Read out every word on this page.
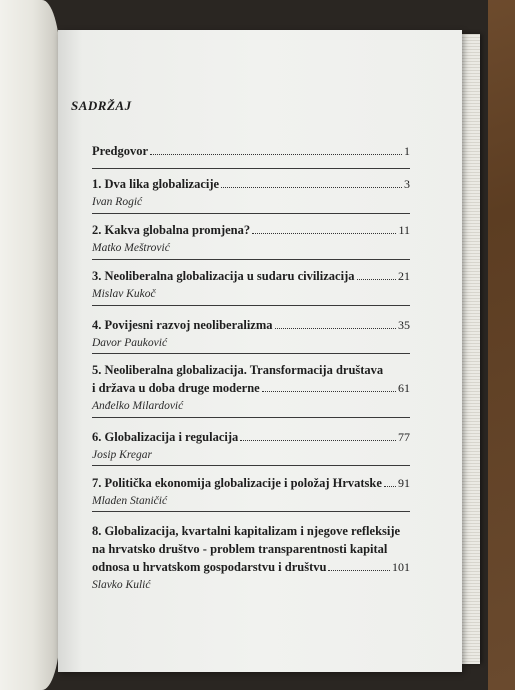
SADRŽAJ
Predgovor	1
1. Dva lika globalizacije	3
Ivan Rogić
2. Kakva globalna promjena?	11
Matko Meštrović
3. Neoliberalna globalizacija u sudaru civilizacija	21
Mislav Kukoč
4. Povijesni razvoj neoliberalizma	35
Davor Pauković
5. Neoliberalna globalizacija. Transformacija društava
i država u doba druge moderne	61
Anđelko Milardović
6. Globalizacija i regulacija	77
Josip Kregar
7. Politička ekonomija globalizacije i položaj Hrvatske 91
Mladen Staničić
8. Globalizacija, kvartalni kapitalizam i njegove refleksije
na hrvatsko društvo - problem transparentnosti kapital
odnosa u hrvatskom gospodarstvu i društvu	101
Slavko Kulić
